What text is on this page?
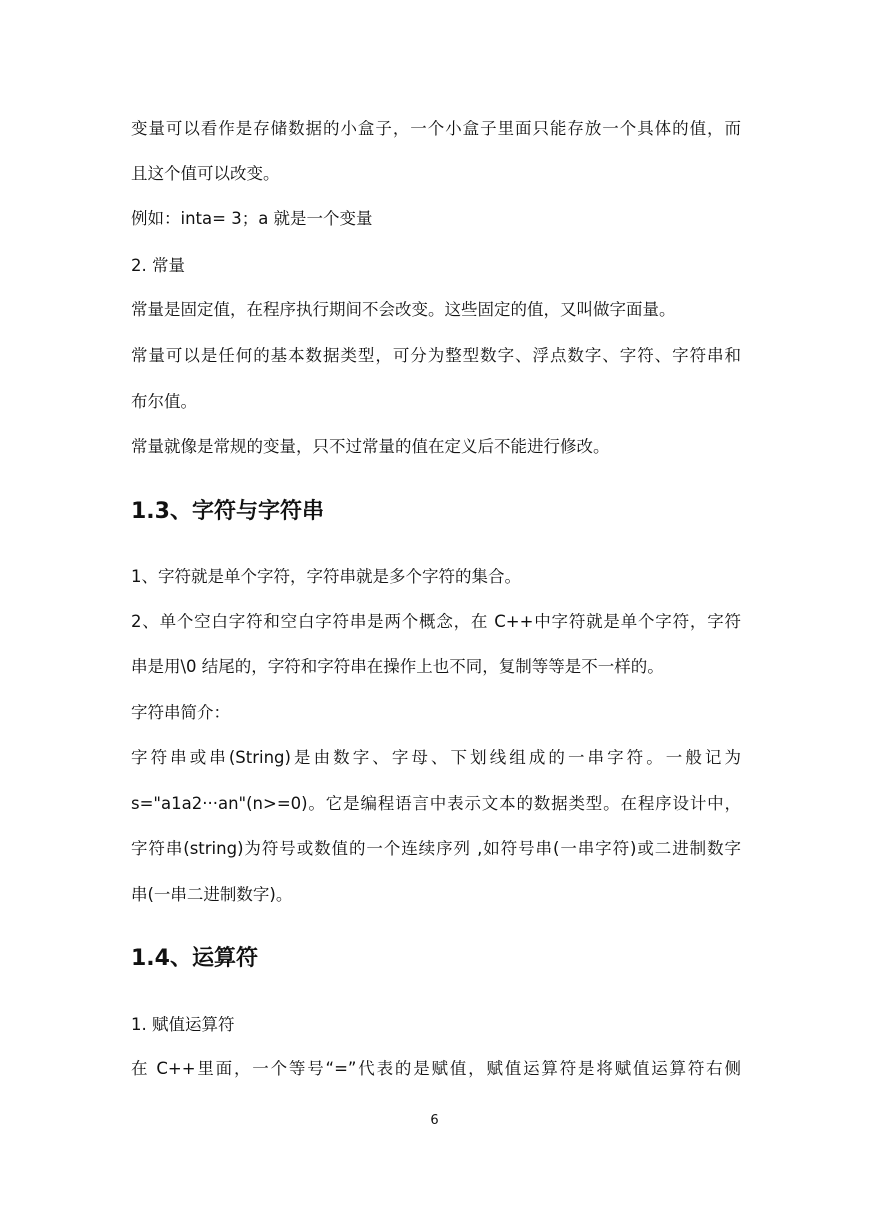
变量可以看作是存储数据的小盒子，一个小盒子里面只能存放一个具体的值，而
且这个值可以改变。
例如：inta= 3；a 就是一个变量
2. 常量
常量是固定值，在程序执行期间不会改变。这些固定的值，又叫做字面量。
常量可以是任何的基本数据类型，可分为整型数字、浮点数字、字符、字符串和
布尔值。
常量就像是常规的变量，只不过常量的值在定义后不能进行修改。
1.3、字符与字符串
1、字符就是单个字符，字符串就是多个字符的集合。
2、单个空白字符和空白字符串是两个概念，在 C++中字符就是单个字符，字符
串是用\0 结尾的，字符和字符串在操作上也不同，复制等等是不一样的。
字符串简介：
字符串或串(String)是由数字、字母、下划线组成的一串字符。一般记为
s="a1a2···an"(n>=0)。它是编程语言中表示文本的数据类型。在程序设计中，
字符串(string)为符号或数值的一个连续序列 ,如符号串(一串字符)或二进制数字
串(一串二进制数字)。
1.4、运算符
1. 赋值运算符
在 C++里面，一个等号“=”代表的是赋值，赋值运算符是将赋值运算符右侧
6
